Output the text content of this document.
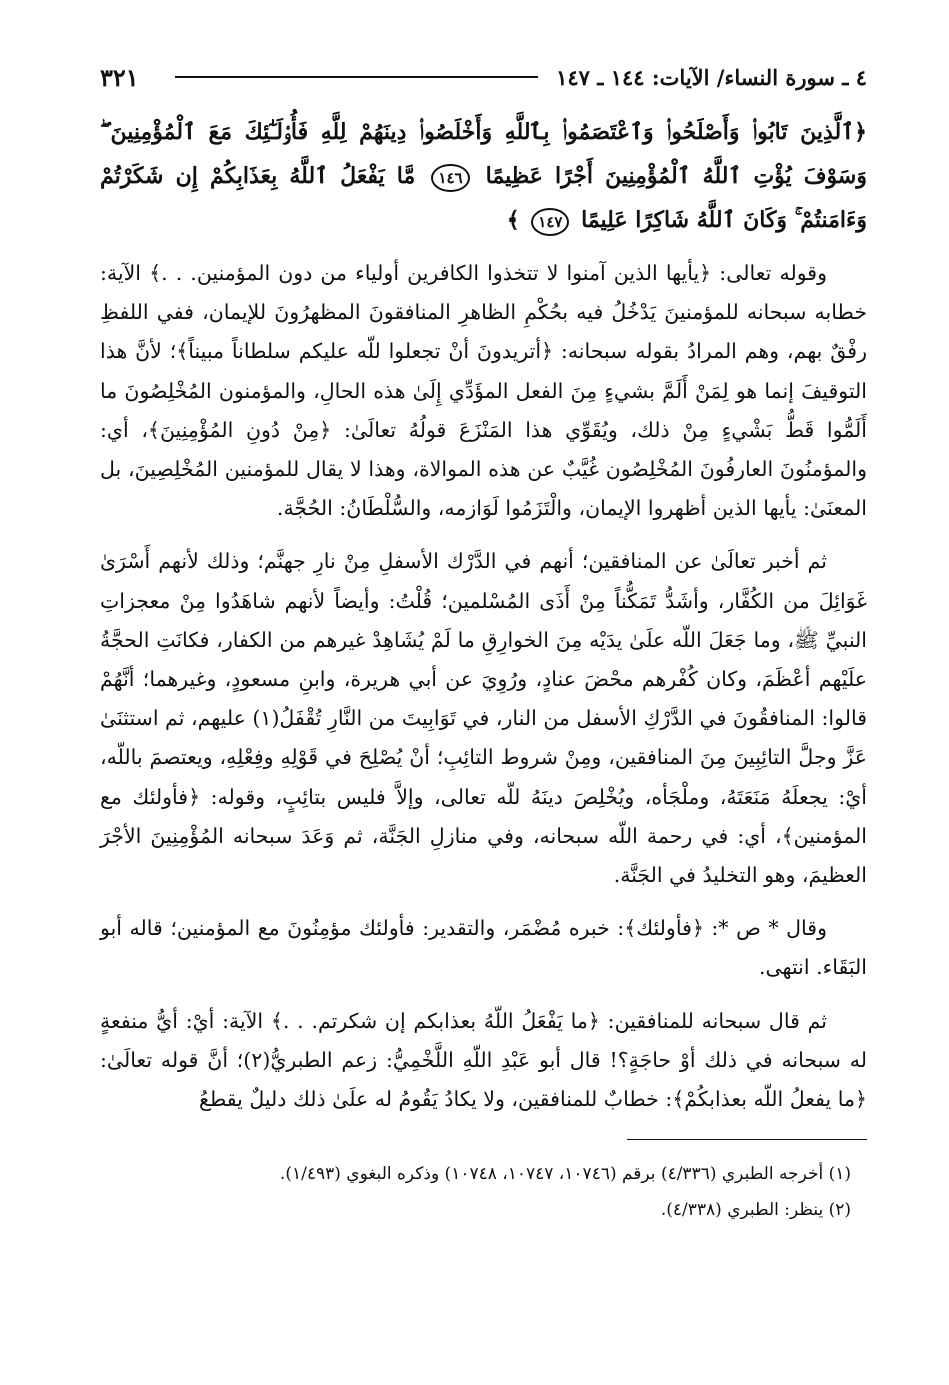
٤ ـ سورة النساء/ الآيات: ١٤٤ ـ ١٤٧
٣٢١
﴿ٱلَّذِينَ تَابُوا۟ وَأَصْلَحُوا۟ وَٱعْتَصَمُوا۟ بِٱللَّهِ وَأَخْلَصُوا۟ دِينَهُمْ لِلَّهِ فَأُو۟لَـٰٓئِكَ مَعَ ٱلْمُؤْمِنِينَ ۖ وَسَوْفَ يُؤْتِ ٱللَّهُ ٱلْمُؤْمِنِينَ أَجْرًا عَظِيمًا ١٤٦ مَّا يَفْعَلُ ٱللَّهُ بِعَذَابِكُمْ إِن شَكَرْتُمْ وَءَامَنتُمْ ۚ وَكَانَ ٱللَّهُ شَاكِرًا عَلِيمًا ١٤٧ ﴾

وقوله تعالى: ﴿يأيها الذين آمنوا لا تتخذوا الكافرين أولياء من دون المؤمنين. . .﴾ الآية: خطابه سبحانه للمؤمنينَ يَدْخُلُ فيه بحُكْمِ الظاهرِ المنافقونَ المظهرُونَ للإيمان، ففي اللفظِ رفْقٌ بهم، وهم المرادُ بقوله سبحانه: ﴿أتريدونَ أنْ تجعلوا للّه عليكم سلطاناً مبيناً﴾؛ لأنَّ هذا التوقيفَ إنما هو لِمَنْ أَلَمَّ بشيءٍ مِنَ الفعل المؤَدِّي إِلَىٰ هذه الحالِ، والمؤمنون المُخْلِصُونَ ما أَلَمُّوا قَطُّ بَشْيءٍ مِنْ ذلك، ويُقَوِّي هذا المَنْزَعَ قولُهُ تعالَىٰ: ﴿مِنْ دُونِ المُؤْمِنِينَ﴾، أي: والمؤمنُونَ العارفُونَ المُخْلِصُون غُيَّبٌ عن هذه الموالاة، وهذا لا يقال للمؤمنين المُخْلِصِينَ، بل المعنَىٰ: يأيها الذين أظهروا الإيمان، والْتَزَمُوا لَوَازمه، والسُّلْطَانُ: الحُجَّة.

ثم أخبر تعالَىٰ عن المنافقين؛ أنهم في الدَّرْك الأسفلِ مِنْ نارِ جهنَّم؛ وذلك لأنهم أَسْرَىٰ غَوَائِلَ من الكُفَّار، وأشَدُّ تَمَكُّناً مِنْ أَذَى المُسْلمين؛ قُلْتُ: وأيضاً لأنهم شاهَدُوا مِنْ معجزاتِ النبيِّ ﷺ، وما جَعَلَ اللّه علَىٰ يدَيْه مِنَ الخوارِقِ ما لَمْ يُشَاهِدْ غيرهم من الكفار، فكانَتِ الحجَّةُ علَيْهم أعْظَمَ، وكان كُفْرهم محْضَ عنادٍ، ورُوِيَ عن أبي هريرة، وابنِ مسعودٍ، وغيرهما؛ أنَّهُمْ قالوا: المنافقُونَ في الدَّرْكِ الأسفل من النار، في تَوَابِيتَ من النَّارِ تُقْفَلُ(١) عليهم، ثم استثنَىٰ عَزَّ وجلَّ التائِبِينَ مِنَ المنافقين، ومِنْ شروط التائِبِ؛ أنْ يُصْلِحَ في قَوْلِهِ وفِعْلِهِ، ويعتصمَ باللّه، أيْ: يجعلَهُ مَنَعَتَهُ، وملْجَأه، ويُخْلِصَ دينَهُ للّه تعالى، وإلاَّ فليس بتائِبٍ، وقوله: ﴿فأولئك مع المؤمنين﴾، أي: في رحمة اللّه سبحانه، وفي منازلِ الجَنَّة، ثم وَعَدَ سبحانه المُؤْمِنِينَ الأجْرَ العظيمَ، وهو التخليدُ في الجَنَّة.

وقال * ص *: ﴿فأولئك﴾: خبره مُضْمَر، والتقدير: فأولئك مؤمِنُونَ مع المؤمنين؛ قاله أبو البَقَاء. انتهى.

ثم قال سبحانه للمنافقين: ﴿ما يَفْعَلُ اللّهُ بعذابكم إن شكرتم. . .﴾ الآية: أيْ: أيُّ منفعةٍ له سبحانه في ذلك أوْ حاجَةٍ؟! قال أبو عَبْدِ اللّهِ اللَّخْمِيُّ: زعم الطبريُّ(٢)؛ أنَّ قوله تعالَىٰ: ﴿ما يفعلُ اللّه بعذابكُمْ﴾: خطابٌ للمنافقين، ولا يكادُ يَقُومُ له علَىٰ ذلك دليلٌ يقطعُ

(١) أخرجه الطبري (٤/٣٣٦) برقم (١٠٧٤٦، ١٠٧٤٧، ١٠٧٤٨) وذكره البغوي (١/٤٩٣).

(٢) ينظر: الطبري (٤/٣٣٨).
